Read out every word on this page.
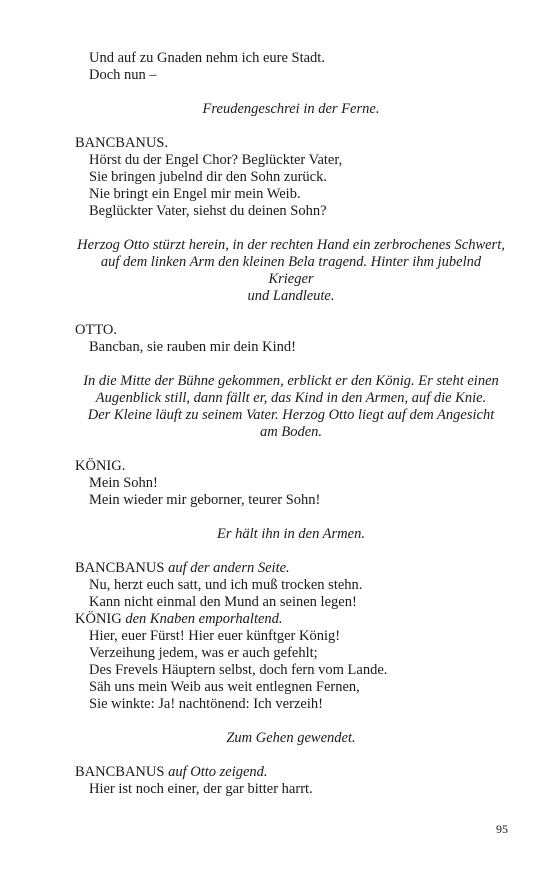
Und auf zu Gnaden nehm ich eure Stadt.
Doch nun –
Freudengeschrei in der Ferne.
BANCBANUS.
Hörst du der Engel Chor? Beglückter Vater,
Sie bringen jubelnd dir den Sohn zurück.
Nie bringt ein Engel mir mein Weib.
Beglückter Vater, siehst du deinen Sohn?
Herzog Otto stürzt herein, in der rechten Hand ein zerbrochenes Schwert,
auf dem linken Arm den kleinen Bela tragend. Hinter ihm jubelnd
Krieger
und Landleute.
OTTO.
Bancban, sie rauben mir dein Kind!
In die Mitte der Bühne gekommen, erblickt er den König. Er steht einen
Augenblick still, dann fällt er, das Kind in den Armen, auf die Knie.
Der Kleine läuft zu seinem Vater. Herzog Otto liegt auf dem Angesicht
am Boden.
KÖNIG.
Mein Sohn!
Mein wieder mir geborner, teurer Sohn!
Er hält ihn in den Armen.
BANCBANUS auf der andern Seite.
Nu, herzt euch satt, und ich muß trocken stehn.
Kann nicht einmal den Mund an seinen legen!
KÖNIG den Knaben emporhaltend.
Hier, euer Fürst! Hier euer künftger König!
Verzeihung jedem, was er auch gefehlt;
Des Frevels Häuptern selbst, doch fern vom Lande.
Säh uns mein Weib aus weit entlegnen Fernen,
Sie winkte: Ja! nachtönend: Ich verzeih!
Zum Gehen gewendet.
BANCBANUS auf Otto zeigend.
Hier ist noch einer, der gar bitter harrt.
95
